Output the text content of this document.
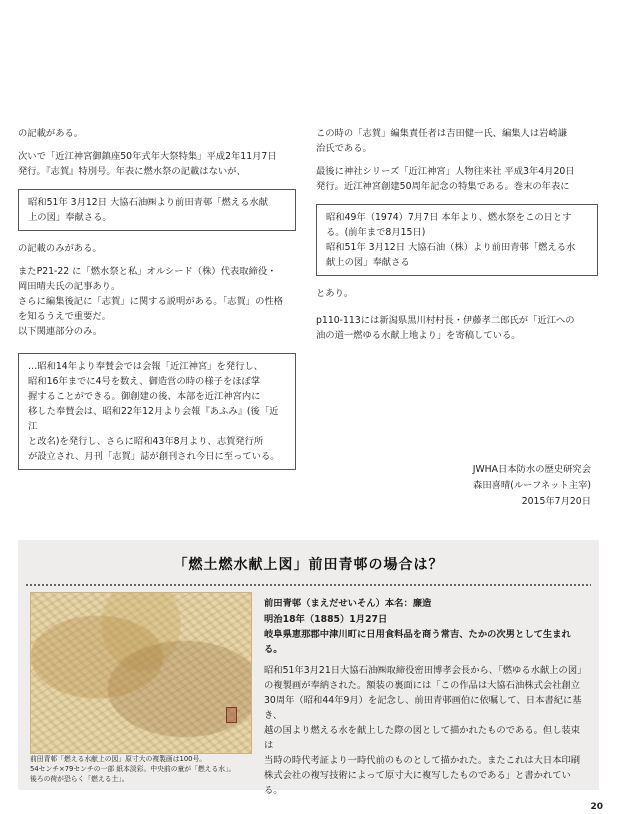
の記載がある。

次いで「近江神宮御鎮座50年式年大祭特集」平成2年11月7日

発行。『志賀』特別号。年表に燃水祭の記載はないが、

昭和51年 3月12日 大協石油㈱より前田青邨「燃える水献

上の図」奉献さる。

の記載のみがある。

またP21-22 に「燃水祭と私」オルシード（株）代表取締役・

岡田晴夫氏の記事あり。

さらに編集後記に「志賀」に関する説明がある。「志賀」の性格

を知るうえで重要だ。

以下関連部分のみ。

…昭和14年より奉賛会では会報「近江神宮」を発行し、

昭和16年までに4号を数え、御造営の時の様子をほぼ掌

握することができる。御創建の後、本部を近江神宮内に

移した奉賛会は、昭和22年12月より会報『あふみ』(後「近江

と改名)を発行し、さらに昭和43年8月より、志賀発行所

が設立され、月刊「志賀」誌が創刊され今日に至っている。

この時の「志賀」編集責任者は吉田健一氏、編集人は岩崎謙

治氏である。

最後に神社シリーズ「近江神宮」人物往来社 平成3年4月20日

発行。近江神宮創建50周年記念の特集である。巻末の年表に

昭和49年（1974）7月7日 本年より、燃水祭をこの日とす

る。(前年まで8月15日)

昭和51年 3月12日 大協石油（株）より前田青邨「燃える水

献上の図」奉献さる

とあり。

p110-113には新潟県黒川村村長・伊藤孝二郎氏が「近江への

油の道一燃ゆる水献上地より」を寄稿している。

JWHA日本防水の歴史研究会

森田喜晴(ルーフネット主宰)

2015年7月20日

「燃土燃水献上図」前田青邨の場合は？

前田青邨「燃える水献上の図」原寸大の複製画は100号。

54センチ×79センチの一部 紙本淡彩。中央前の童が「燃える水」。

後ろの荷が恐らく「燃える土」。

前田青邨（まえだせいそん）本名：廉造

明治18年（1885）1月27日

岐阜県恵那郡中津川町に日用食料品を商う常吉、たかの次男として生まれる。

昭和51年3月21日大協石油㈱取締役密田博孝会長から、「燃ゆる水献上の図」

の複製画が奉納された。額装の裏面には「この作品は大協石油株式会社創立

30周年（昭和44年9月）を記念し、前田青邨画伯に依嘱して、日本書紀に基き、

越の国より燃える水を献上した際の図として描かれたものである。但し装束は

当時の時代考証より一時代前のものとして描かれた。またこれは大日本印刷

株式会社の複写技術によって原寸大に複写したものである」と書かれている。

20
